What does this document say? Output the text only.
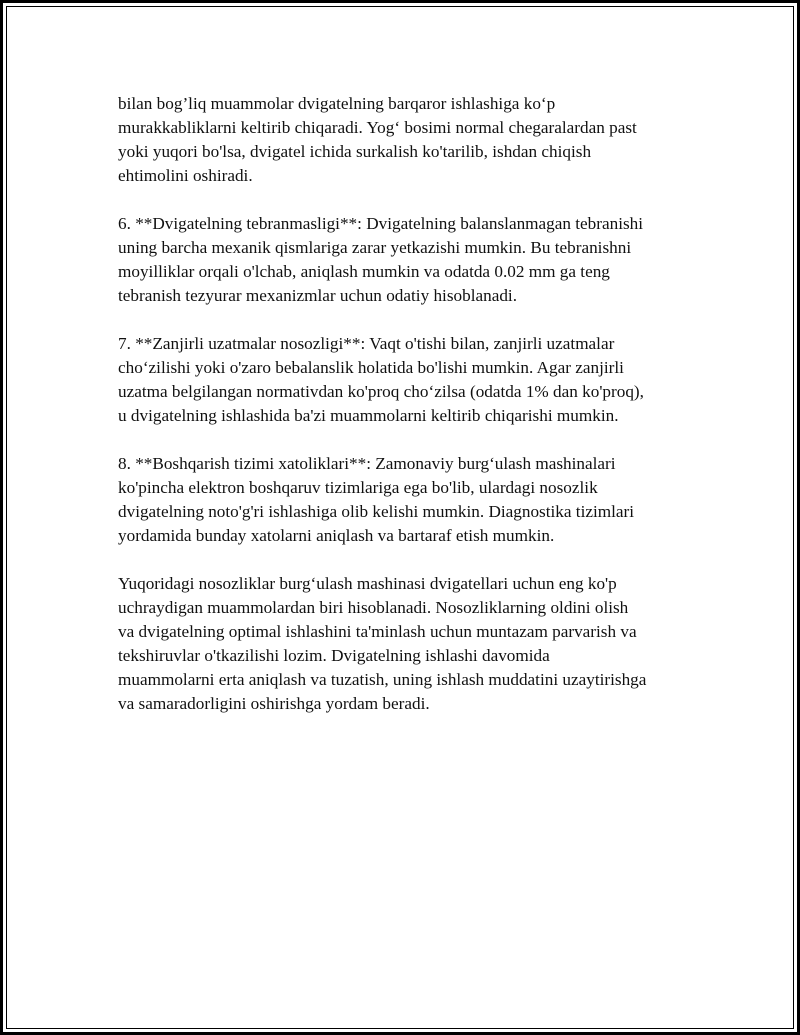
bilan bog’liq muammolar dvigatelning barqaror ishlashiga ko‘p
murakkabliklarni keltirib chiqaradi. Yog‘ bosimi normal chegaralardan past
yoki yuqori bo'lsa, dvigatel ichida surkalish ko'tarilib, ishdan chiqish
ehtimolini oshiradi.
6. **Dvigatelning tebranmasligi**: Dvigatelning balanslanmagan tebranishi
uning barcha mexanik qismlariga zarar yetkazishi mumkin. Bu tebranishni
moyilliklar orqali o'lchab, aniqlash mumkin va odatda 0.02 mm ga teng
tebranish tezyurar mexanizmlar uchun odatiy hisoblanadi.
7. **Zanjirli uzatmalar nosozligi**: Vaqt o'tishi bilan, zanjirli uzatmalar
cho‘zilishi yoki o'zaro bebalanslik holatida bo'lishi mumkin. Agar zanjirli
uzatma belgilangan normativdan ko'proq cho‘zilsa (odatda 1% dan ko'proq),
u dvigatelning ishlashida ba'zi muammolarni keltirib chiqarishi mumkin.
8. **Boshqarish tizimi xatoliklari**: Zamonaviy burg‘ulash mashinalari
ko'pincha elektron boshqaruv tizimlariga ega bo'lib, ulardagi nosozlik
dvigatelning noto'g'ri ishlashiga olib kelishi mumkin. Diagnostika tizimlari
yordamida bunday xatolarni aniqlash va bartaraf etish mumkin.
Yuqoridagi nosozliklar burg‘ulash mashinasi dvigatellari uchun eng ko'p
uchraydigan muammolardan biri hisoblanadi. Nosozliklarning oldini olish
va dvigatelning optimal ishlashini ta'minlash uchun muntazam parvarish va
tekshiruvlar o'tkazilishi lozim. Dvigatelning ishlashi davomida
muammolarni erta aniqlash va tuzatish, uning ishlash muddatini uzaytirishga
va samaradorligini oshirishga yordam beradi.
